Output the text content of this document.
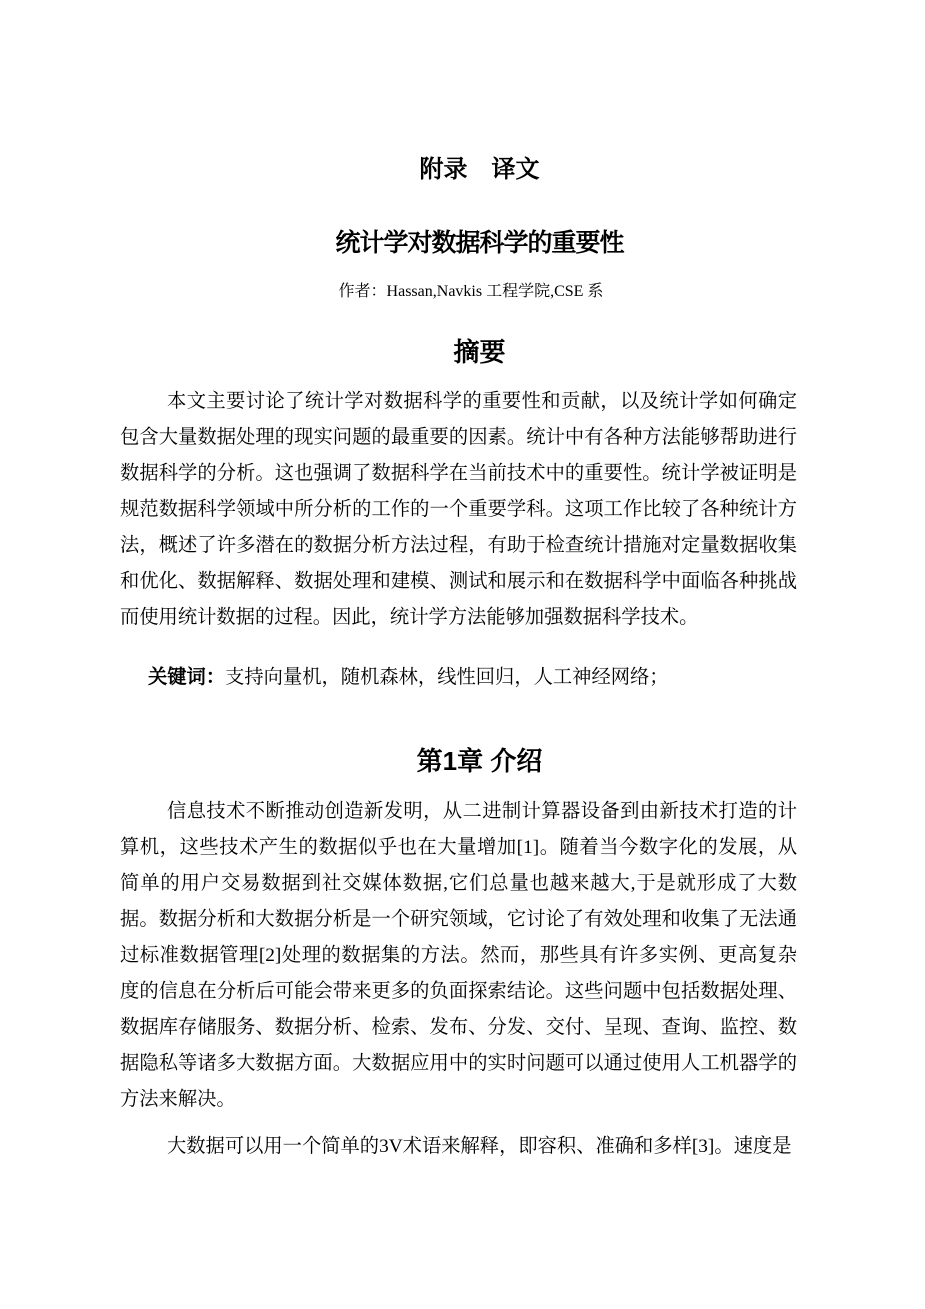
附录　译文
统计学对数据科学的重要性

作者：Hassan,Navkis 工程学院,CSE 系

摘要

本文主要讨论了统计学对数据科学的重要性和贡献，以及统计学如何确定包含大量数据处理的现实问题的最重要的因素。统计中有各种方法能够帮助进行数据科学的分析。这也强调了数据科学在当前技术中的重要性。统计学被证明是规范数据科学领域中所分析的工作的一个重要学科。这项工作比较了各种统计方法，概述了许多潜在的数据分析方法过程，有助于检查统计措施对定量数据收集和优化、数据解释、数据处理和建模、测试和展示和在数据科学中面临各种挑战而使用统计数据的过程。因此，统计学方法能够加强数据科学技术。

关键词：支持向量机，随机森林，线性回归，人工神经网络；

第1章 介绍

信息技术不断推动创造新发明，从二进制计算器设备到由新技术打造的计算机，这些技术产生的数据似乎也在大量增加[1]。随着当今数字化的发展，从简单的用户交易数据到社交媒体数据,它们总量也越来越大,于是就形成了大数据。数据分析和大数据分析是一个研究领域，它讨论了有效处理和收集了无法通过标准数据管理[2]处理的数据集的方法。然而，那些具有许多实例、更高复杂度的信息在分析后可能会带来更多的负面探索结论。这些问题中包括数据处理、数据库存储服务、数据分析、检索、发布、分发、交付、呈现、查询、监控、数据隐私等诸多大数据方面。大数据应用中的实时问题可以通过使用人工机器学的方法来解决。

大数据可以用一个简单的3V术语来解释，即容积、准确和多样[3]。速度是
